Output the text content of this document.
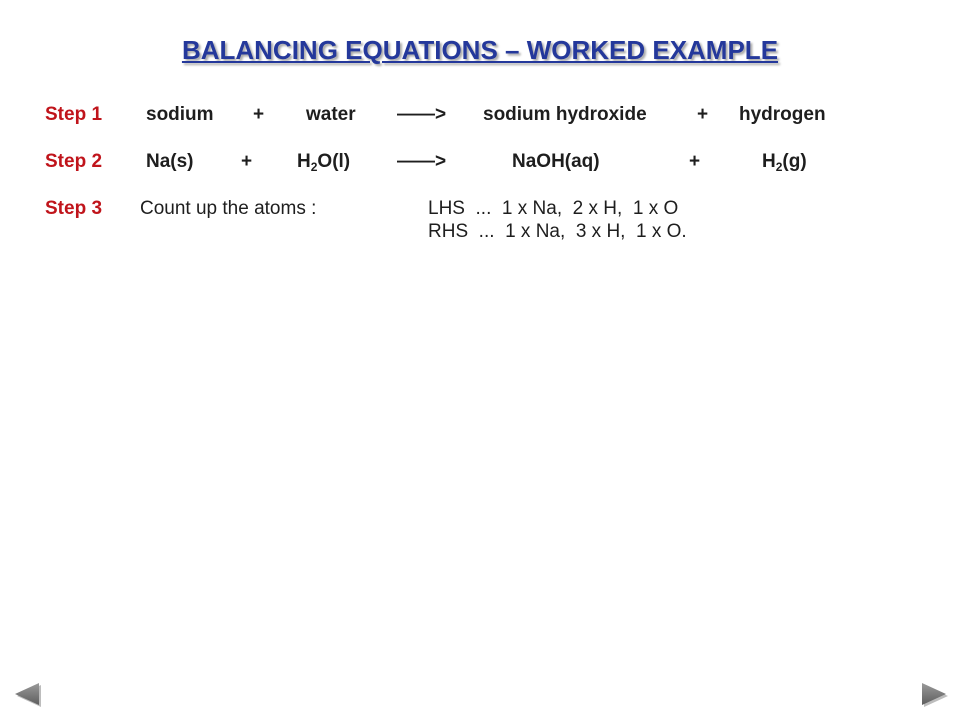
BALANCING EQUATIONS – WORKED EXAMPLE
Step 1 sodium + water ——> sodium hydroxide	+ hydrogen
Step 2 $Na(s) + H_2O(l)$ ——>	NaOH(aq)	+	$H_2(g)$
Step 3 Count up the atoms :	LHS  ...  1 x Na,  2 x H,  1 x O
RHS  ...  1 x Na,  3 x H,  1 x O.
